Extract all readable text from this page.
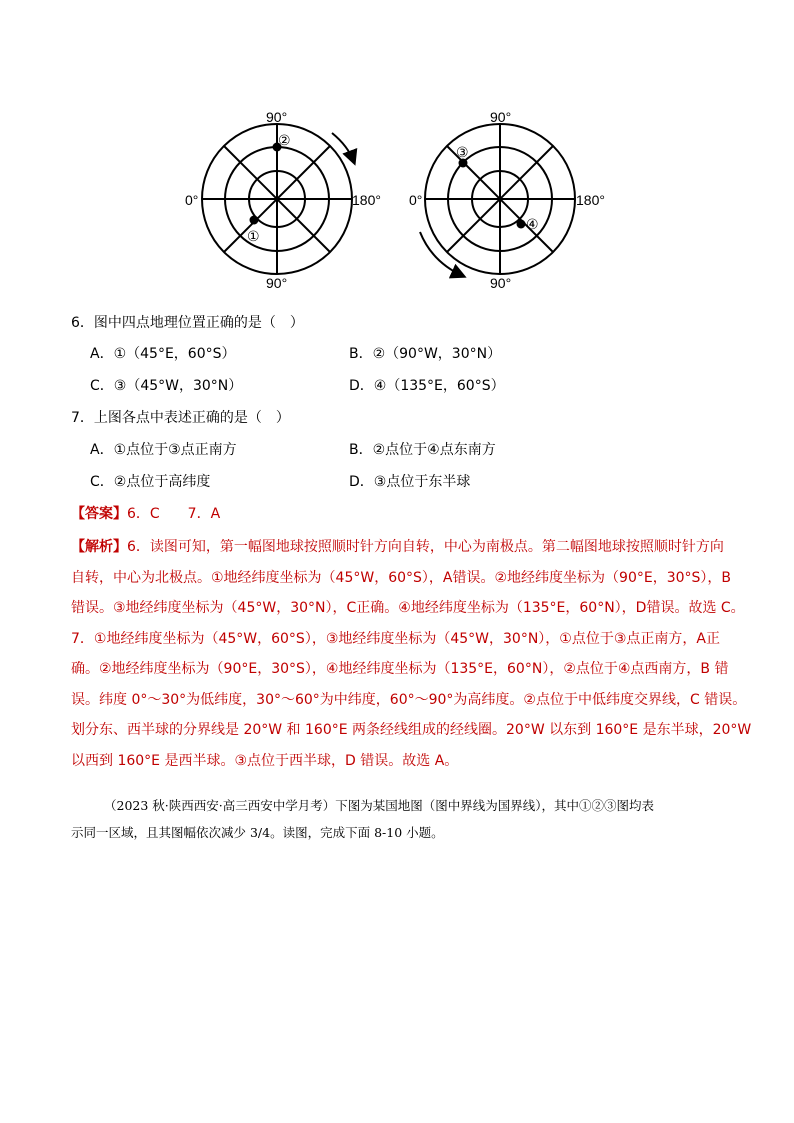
90°
90°
0°	180°
②
①
90°
90°
0°	180°
③
④
6．图中四点地理位置正确的是（　）
A．①（45°E，60°S）	B．②（90°W，30°N）
C．③（45°W，30°N）	D．④（135°E，60°S）
7．上图各点中表述正确的是（　）
A．①点位于③点正南方	B．②点位于④点东南方
C．②点位于高纬度	D．③点位于东半球
【答案】6．C　　7．A
【解析】6．读图可知，第一幅图地球按照顺时针方向自转，中心为南极点。第二幅图地球按照顺时针方向
自转，中心为北极点。①地经纬度坐标为（45°W，60°S），A错误。②地经纬度坐标为（90°E，30°S），B
错误。③地经纬度坐标为（45°W，30°N），C正确。④地经纬度坐标为（135°E，60°N），D错误。故选 C。
7．①地经纬度坐标为（45°W，60°S），③地经纬度坐标为（45°W，30°N），①点位于③点正南方，A正
确。②地经纬度坐标为（90°E，30°S），④地经纬度坐标为（135°E，60°N），②点位于④点西南方，B 错
误。纬度 0°～30°为低纬度，30°～60°为中纬度，60°～90°为高纬度。②点位于中低纬度交界线，C 错误。
划分东、西半球的分界线是 20°W 和 160°E 两条经线组成的经线圈。20°W 以东到 160°E 是东半球，20°W
以西到 160°E 是西半球。③点位于西半球，D 错误。故选 A。
（2023 秋·陕西西安·高三西安中学月考）下图为某国地图（图中界线为国界线），其中①②③图均表
示同一区域，且其图幅依次减少 3/4。读图，完成下面 8-10 小题。
